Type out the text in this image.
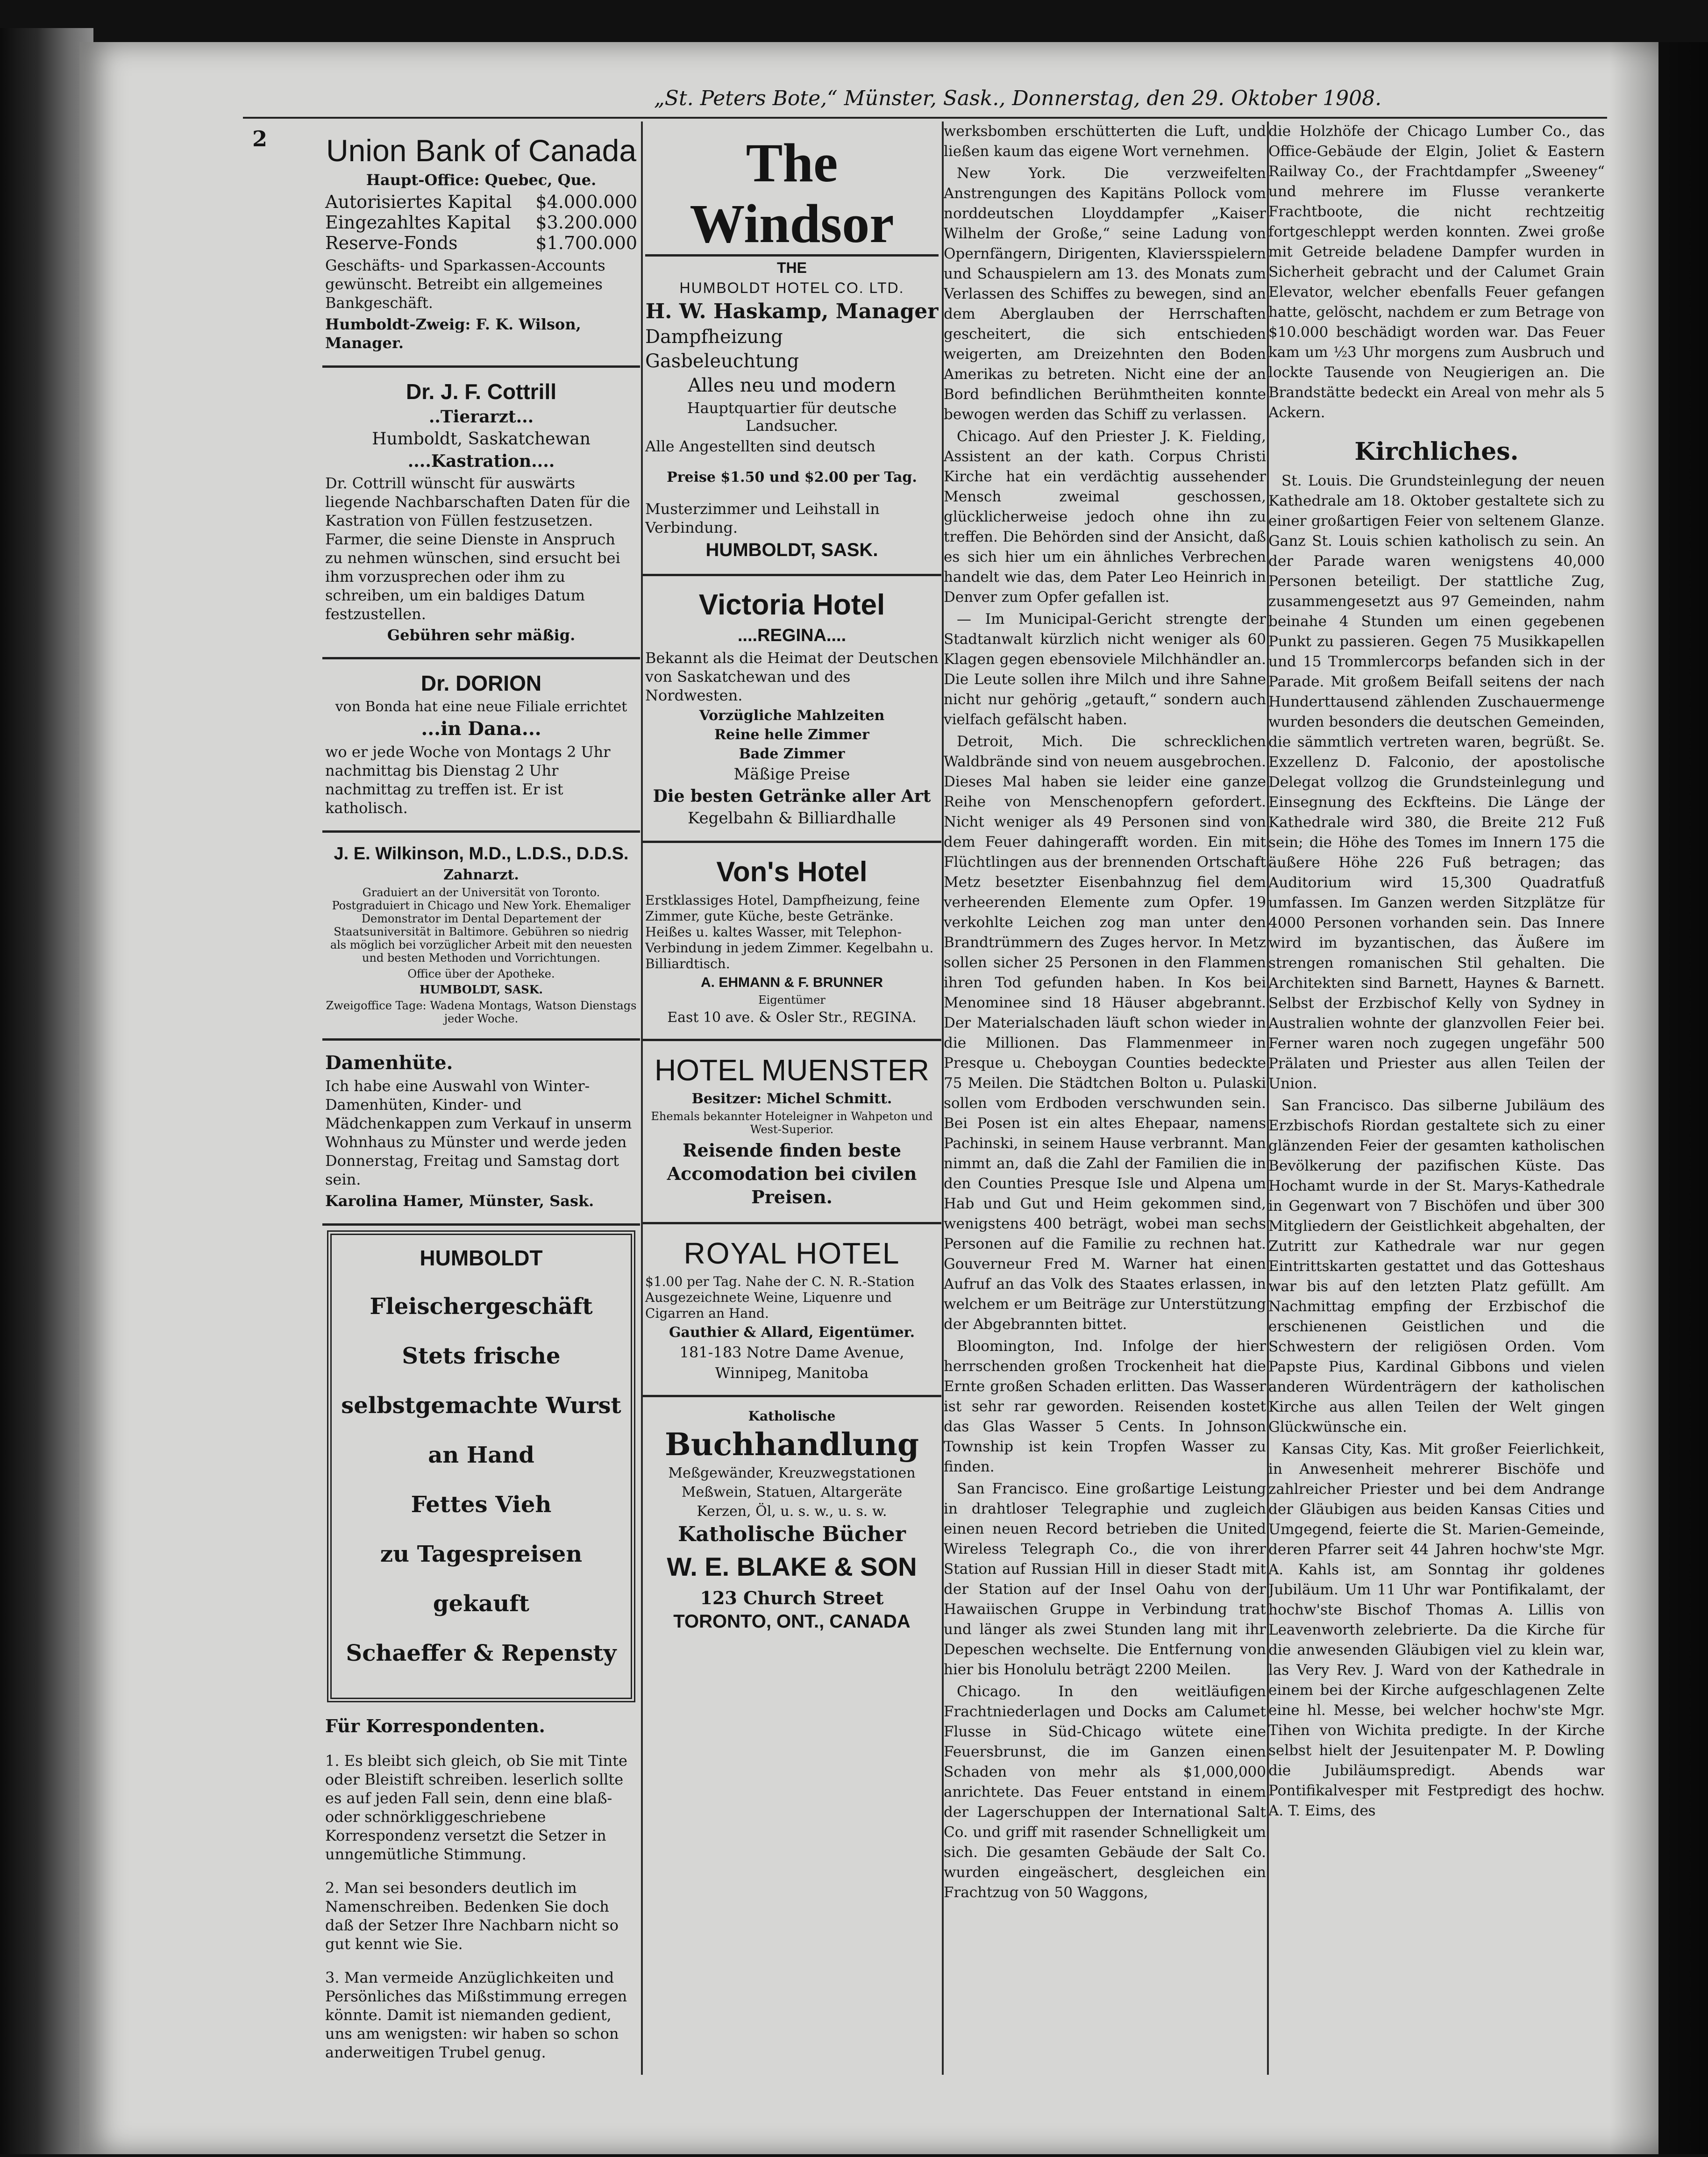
2
„St. Peters Bote,“ Münster, Sask., Donnerstag, den 29. Oktober 1908.

Union Bank of Canada

Haupt-Office: Quebec, Que.

Autorisiertes Kapital $4.000.000
Eingezahltes Kapital $3.200.000
Reserve-Fonds	$1.700.000

Geschäfts- und Sparkassen-Accounts gewünscht. Betreibt ein allgemeines Bankgeschäft.

Humboldt-Zweig: F. K. Wilson, Manager.

Dr. J. F. Cottrill

..Tierarzt...

Humboldt, Saskatchewan

....Kastration....

Dr. Cottrill wünscht für auswärts liegende Nachbarschaften Daten für die Kastration von Füllen festzusetzen. Farmer, die seine Dienste in Anspruch zu nehmen wünschen, sind ersucht bei ihm vorzusprechen oder ihm zu schreiben, um ein baldiges Datum festzustellen.

Gebühren sehr mäßig.

Dr. DORION

von Bonda hat eine neue Filiale errichtet

...in Dana...

wo er jede Woche von Montags 2 Uhr nachmittag bis Dienstag 2 Uhr nachmittag zu treffen ist. Er ist katholisch.

J. E. Wilkinson, M.D., L.D.S., D.D.S.

Zahnarzt.

Graduiert an der Universität von Toronto. Postgraduiert in Chicago und New York. Ehemaliger Demonstrator im Dental Departement der Staatsuniversität in Baltimore. Gebühren so niedrig als möglich bei vorzüglicher Arbeit mit den neuesten und besten Methoden und Vorrichtungen.

Office über der Apotheke.

HUMBOLDT, SASK.

Zweigoffice Tage: Wadena Montags, Watson Dienstags jeder Woche.

Damenhüte.

Ich habe eine Auswahl von Winter-Damenhüten, Kinder- und Mädchenkappen zum Verkauf in unserm Wohnhaus zu Münster und werde jeden Donnerstag, Freitag und Samstag dort sein.

Karolina Hamer, Münster, Sask.

HUMBOLDT

Fleischergeschäft

Stets frische

selbstgemachte Wurst

an Hand

Fettes Vieh

zu Tagespreisen

gekauft

Schaeffer & Repensty

Für Korrespondenten.

1. Es bleibt sich gleich, ob Sie mit Tinte oder Bleistift schreiben. leserlich sollte es auf jeden Fall sein, denn eine blaß- oder schnörkliggeschriebene Korrespondenz versetzt die Setzer in unngemütliche Stimmung.

2. Man sei besonders deutlich im Namenschreiben. Bedenken Sie doch daß der Setzer Ihre Nachbarn nicht so gut kennt wie Sie.

3. Man vermeide Anzüglichkeiten und Persönliches das Mißstimmung erregen könnte. Damit ist niemanden gedient, uns am wenigsten: wir haben so schon anderweitigen Trubel genug.

The Windsor

THE

HUMBOLDT HOTEL CO. LTD.

H. W. Haskamp, Manager

Dampfheizung

Gasbeleuchtung

Alles neu und modern

Hauptquartier für deutsche Landsucher.

Alle Angestellten sind deutsch

Preise $1.50 und $2.00 per Tag.

Musterzimmer und Leihstall in Verbindung.

HUMBOLDT, SASK.

Victoria Hotel

....REGINA....

Bekannt als die Heimat der Deutschen von Saskatchewan und des Nordwesten.

Vorzügliche Mahlzeiten

Reine helle Zimmer

Bade Zimmer

Mäßige Preise

Die besten Getränke aller Art

Kegelbahn & Billiardhalle

Von's Hotel

Erstklassiges Hotel, Dampfheizung, feine Zimmer, gute Küche, beste Getränke. Heißes u. kaltes Wasser, mit Telephon-Verbindung in jedem Zimmer. Kegelbahn u. Billiardtisch.

A. EHMANN & F. BRUNNER

Eigentümer

East 10 ave. & Osler Str., REGINA.

HOTEL MUENSTER

Besitzer: Michel Schmitt.

Ehemals bekannter Hoteleigner in Wahpeton und West-Superior.

Reisende finden beste Accomodation bei civilen Preisen.

ROYAL HOTEL

$1.00 per Tag. Nahe der C. N. R.-Station Ausgezeichnete Weine, Liquenre und Cigarren an Hand.

Gauthier & Allard, Eigentümer.

181-183 Notre Dame Avenue,

Winnipeg, Manitoba

Katholische

Buchhandlung

Meßgewänder, Kreuzwegstationen

Meßwein, Statuen, Altargeräte

Kerzen, Öl, u. s. w., u. s. w.

Katholische Bücher

W. E. BLAKE & SON

123 Church Street

TORONTO, ONT., CANADA

werksbomben erschütterten die Luft, und ließen kaum das eigene Wort vernehmen.

New York. Die verzweifelten Anstrengungen des Kapitäns Pollock vom norddeutschen Lloyddampfer „Kaiser Wilhelm der Große,“ seine Ladung von Opernfängern, Dirigenten, Klaviersspielern und Schauspielern am 13. des Monats zum Verlassen des Schiffes zu bewegen, sind an dem Aberglauben der Herrschaften gescheitert, die sich entschieden weigerten, am Dreizehnten den Boden Amerikas zu betreten. Nicht eine der an Bord befindlichen Berühmtheiten konnte bewogen werden das Schiff zu verlassen.

Chicago. Auf den Priester J. K. Fielding, Assistent an der kath. Corpus Christi Kirche hat ein verdächtig aussehender Mensch zweimal geschossen, glücklicherweise jedoch ohne ihn zu treffen. Die Behörden sind der Ansicht, daß es sich hier um ein ähnliches Verbrechen handelt wie das, dem Pater Leo Heinrich in Denver zum Opfer gefallen ist.

— Im Municipal-Gericht strengte der Stadtanwalt kürzlich nicht weniger als 60 Klagen gegen ebensoviele Milchhändler an. Die Leute sollen ihre Milch und ihre Sahne nicht nur gehörig „getauft,“ sondern auch vielfach gefälscht haben.

Detroit, Mich. Die schrecklichen Waldbrände sind von neuem ausgebrochen. Dieses Mal haben sie leider eine ganze Reihe von Menschenopfern gefordert. Nicht weniger als 49 Personen sind von dem Feuer dahingerafft worden. Ein mit Flüchtlingen aus der brennenden Ortschaft Metz besetzter Eisenbahnzug fiel dem verheerenden Elemente zum Opfer. 19 verkohlte Leichen zog man unter den Brandtrümmern des Zuges hervor. In Metz sollen sicher 25 Personen in den Flammen ihren Tod gefunden haben. In Kos bei Menominee sind 18 Häuser abgebrannt. Der Materialschaden läuft schon wieder in die Millionen. Das Flammenmeer in Presque u. Cheboygan Counties bedeckte 75 Meilen. Die Städtchen Bolton u. Pulaski sollen vom Erdboden verschwunden sein. Bei Posen ist ein altes Ehepaar, namens Pachinski, in seinem Hause verbrannt. Man nimmt an, daß die Zahl der Familien die in den Counties Presque Isle und Alpena um Hab und Gut und Heim gekommen sind, wenigstens 400 beträgt, wobei man sechs Personen auf die Familie zu rechnen hat. Gouverneur Fred M. Warner hat einen Aufruf an das Volk des Staates erlassen, in welchem er um Beiträge zur Unterstützung der Abgebrannten bittet.

Bloomington, Ind. Infolge der hier herrschenden großen Trockenheit hat die Ernte großen Schaden erlitten. Das Wasser ist sehr rar geworden. Reisenden kostet das Glas Wasser 5 Cents. In Johnson Township ist kein Tropfen Wasser zu finden.

San Francisco. Eine großartige Leistung in drahtloser Telegraphie und zugleich einen neuen Record betrieben die United Wireless Telegraph Co., die von ihrer Station auf Russian Hill in dieser Stadt mit der Station auf der Insel Oahu von der Hawaiischen Gruppe in Verbindung trat und länger als zwei Stunden lang mit ihr Depeschen wechselte. Die Entfernung von hier bis Honolulu beträgt 2200 Meilen.

Chicago. In den weitläufigen Frachtniederlagen und Docks am Calumet Flusse in Süd-Chicago wütete eine Feuersbrunst, die im Ganzen einen Schaden von mehr als $1,000,000 anrichtete. Das Feuer entstand in einem der Lagerschuppen der International Salt Co. und griff mit rasender Schnelligkeit um sich. Die gesamten Gebäude der Salt Co. wurden eingeäschert, desgleichen ein Frachtzug von 50 Waggons,

die Holzhöfe der Chicago Lumber Co., das Office-Gebäude der Elgin, Joliet & Eastern Railway Co., der Frachtdampfer „Sweeney“ und mehrere im Flusse verankerte Frachtboote, die nicht rechtzeitig fortgeschleppt werden konnten. Zwei große mit Getreide beladene Dampfer wurden in Sicherheit gebracht und der Calumet Grain Elevator, welcher ebenfalls Feuer gefangen hatte, gelöscht, nachdem er zum Betrage von $10.000 beschädigt worden war. Das Feuer kam um ½3 Uhr morgens zum Ausbruch und lockte Tausende von Neugierigen an. Die Brandstätte bedeckt ein Areal von mehr als 5 Ackern.

Kirchliches.

St. Louis. Die Grundsteinlegung der neuen Kathedrale am 18. Oktober gestaltete sich zu einer großartigen Feier von seltenem Glanze. Ganz St. Louis schien katholisch zu sein. An der Parade waren wenigstens 40,000 Personen beteiligt. Der stattliche Zug, zusammengesetzt aus 97 Gemeinden, nahm beinahe 4 Stunden um einen gegebenen Punkt zu passieren. Gegen 75 Musikkapellen und 15 Trommlercorps befanden sich in der Parade. Mit großem Beifall seitens der nach Hunderttausend zählenden Zuschauermenge wurden besonders die deutschen Gemeinden, die sämmtlich vertreten waren, begrüßt. Se. Exzellenz D. Falconio, der apostolische Delegat vollzog die Grundsteinlegung und Einsegnung des Eckfteins. Die Länge der Kathedrale wird 380, die Breite 212 Fuß sein; die Höhe des Tomes im Innern 175 die äußere Höhe 226 Fuß betragen; das Auditorium wird 15,300 Quadratfuß umfassen. Im Ganzen werden Sitzplätze für 4000 Personen vorhanden sein. Das Innere wird im byzantischen, das Äußere im strengen romanischen Stil gehalten. Die Architekten sind Barnett, Haynes & Barnett. Selbst der Erzbischof Kelly von Sydney in Australien wohnte der glanzvollen Feier bei. Ferner waren noch zugegen ungefähr 500 Prälaten und Priester aus allen Teilen der Union.

San Francisco. Das silberne Jubiläum des Erzbischofs Riordan gestaltete sich zu einer glänzenden Feier der gesamten katholischen Bevölkerung der pazifischen Küste. Das Hochamt wurde in der St. Marys-Kathedrale in Gegenwart von 7 Bischöfen und über 300 Mitgliedern der Geistlichkeit abgehalten, der Zutritt zur Kathedrale war nur gegen Eintrittskarten gestattet und das Gotteshaus war bis auf den letzten Platz gefüllt. Am Nachmittag empfing der Erzbischof die erschienenen Geistlichen und die Schwestern der religiösen Orden. Vom Papste Pius, Kardinal Gibbons und vielen anderen Würdenträgern der katholischen Kirche aus allen Teilen der Welt gingen Glückwünsche ein.

Kansas City, Kas. Mit großer Feierlichkeit, in Anwesenheit mehrerer Bischöfe und zahlreicher Priester und bei dem Andrange der Gläubigen aus beiden Kansas Cities und Umgegend, feierte die St. Marien-Gemeinde, deren Pfarrer seit 44 Jahren hochw'ste Mgr. A. Kahls ist, am Sonntag ihr goldenes Jubiläum. Um 11 Uhr war Pontifikalamt, der hochw'ste Bischof Thomas A. Lillis von Leavenworth zelebrierte. Da die Kirche für die anwesenden Gläubigen viel zu klein war, las Very Rev. J. Ward von der Kathedrale in einem bei der Kirche aufgeschlagenen Zelte eine hl. Messe, bei welcher hochw'ste Mgr. Tihen von Wichita predigte. In der Kirche selbst hielt der Jesuitenpater M. P. Dowling die Jubiläumspredigt. Abends war Pontifikalvesper mit Festpredigt des hochw. A. T. Eims, des
